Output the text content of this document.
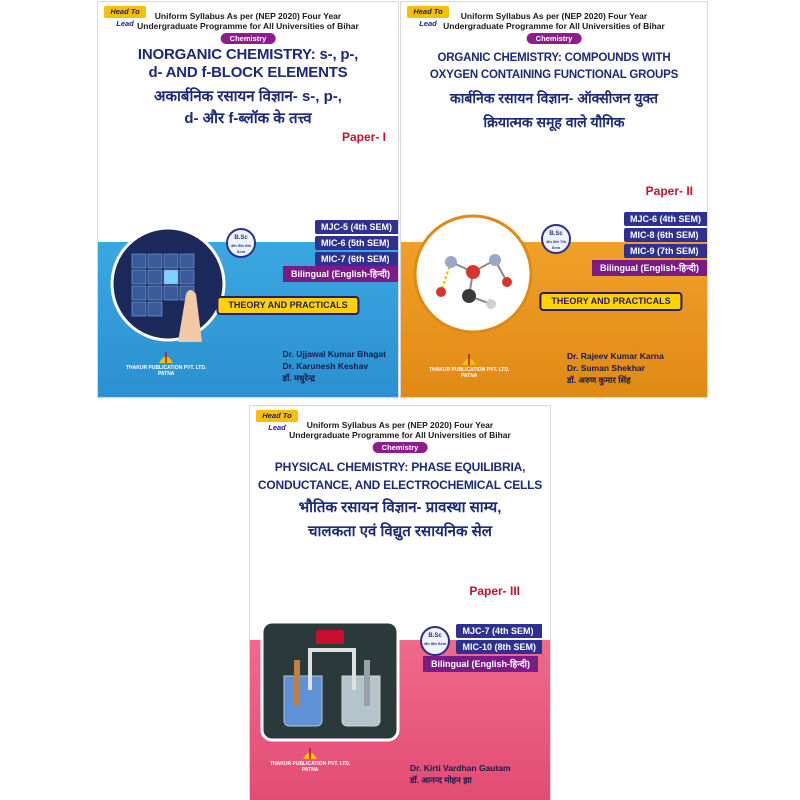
Head To Lead
Uniform Syllabus As per (NEP 2020) Four Year
Undergraduate Programme for All Universities of Bihar
Chemistry
INORGANIC CHEMISTRY: s-, p-,
d- AND f-BLOCK ELEMENTS
अकार्बनिक रसायन विज्ञान- s-, p-,
d- और f-ब्लॉक के तत्त्व
Paper- I
B.Sc
4th 5th 6th Sem
MJC-5 (4th SEM)
MIC-6 (5th SEM)
MIC-7 (6th SEM)
Bilingual (English-हिन्दी)
THEORY AND PRACTICALS
THAKUR PUBLICATION PVT. LTD.
PATNA
Dr. Ujjawal Kumar Bhagat
Dr. Karunesh Keshav
डॉ. मधुरेन्द्र
Head To Lead
Uniform Syllabus As per (NEP 2020) Four Year
Undergraduate Programme for All Universities of Bihar
Chemistry
ORGANIC CHEMISTRY: COMPOUNDS WITH
OXYGEN CONTAINING FUNCTIONAL GROUPS
कार्बनिक रसायन विज्ञान- ऑक्सीजन युक्त
क्रियात्मक समूह वाले यौगिक
Paper- II
B.Sc
4th 6th 7th Sem
MJC-6 (4th SEM)
MIC-8 (6th SEM)
MIC-9 (7th SEM)
Bilingual (English-हिन्दी)
THEORY AND PRACTICALS
THAKUR PUBLICATION PVT. LTD.
PATNA
Dr. Rajeev Kumar Karna
Dr. Suman Shekhar
डॉ. अरुण कुमार सिंह
Head To Lead	Uniform Syllabus As per (NEP 2020) Four Year
Undergraduate Programme for All Universities of Bihar
Chemistry
PHYSICAL CHEMISTRY: PHASE EQUILIBRIA,
CONDUCTANCE, AND ELECTROCHEMICAL CELLS
भौतिक रसायन विज्ञान- प्रावस्था साम्य,
चालकता एवं विद्युत रसायनिक सेल
Paper- III
B.Sc
4th 8th Sem
MJC-7 (4th SEM)
MIC-10 (8th SEM)
Bilingual (English-हिन्दी)
THAKUR PUBLICATION PVT. LTD.
PATNA	Dr. Kirti Vardhan Gautam
डॉ. आनन्द मोहन झा
